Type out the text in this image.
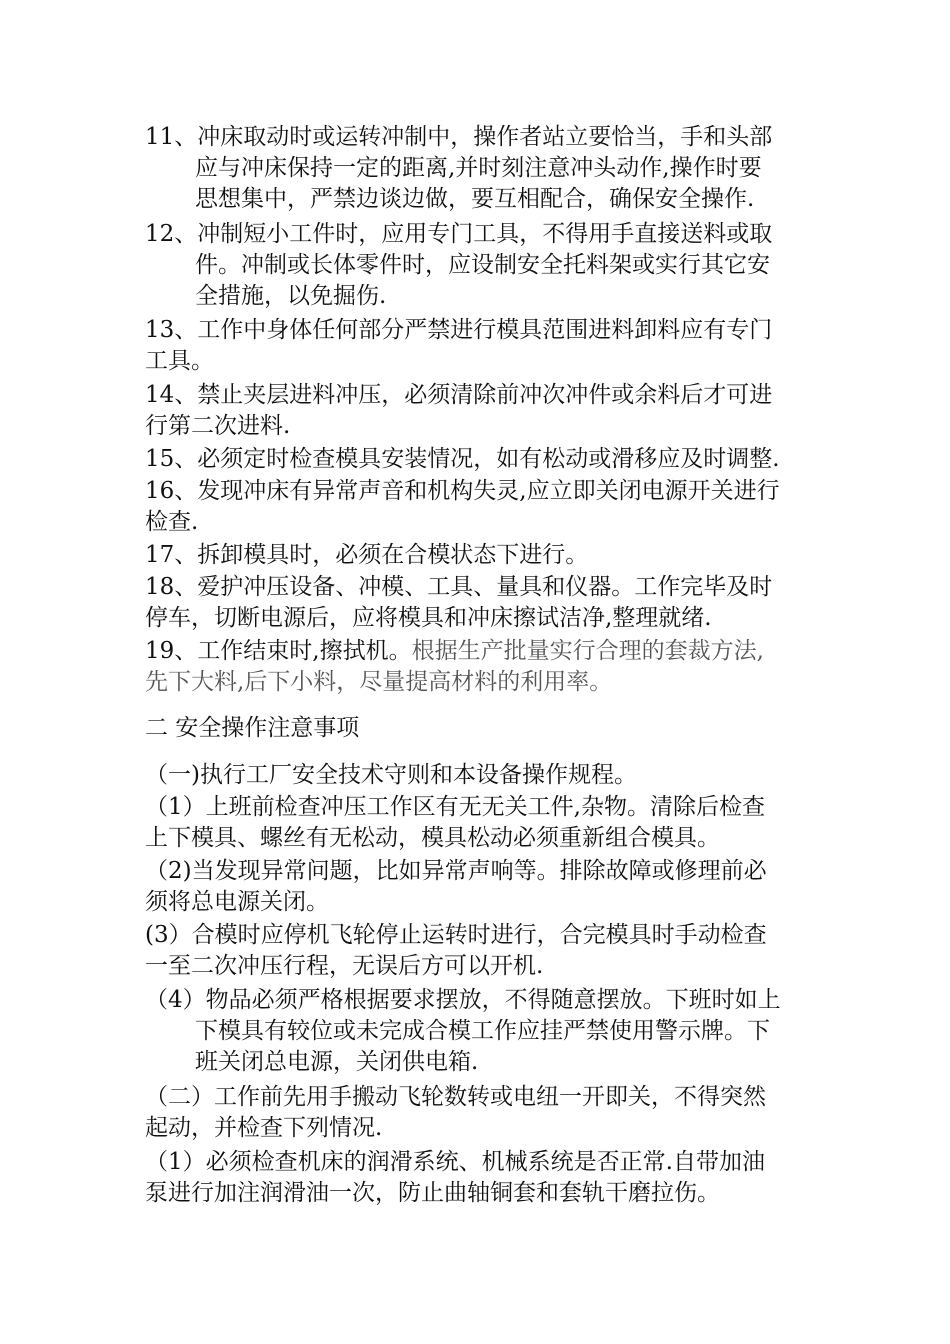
11、冲床取动时或运转冲制中，操作者站立要恰当，手和头部
应与冲床保持一定的距离,并时刻注意冲头动作,操作时要
思想集中，严禁边谈边做，要互相配合，确保安全操作.
12、冲制短小工件时，应用专门工具，不得用手直接送料或取
件。冲制或长体零件时，应设制安全托料架或实行其它安
全措施，以免掘伤.
13、工作中身体任何部分严禁进行模具范围进料卸料应有专门
工具。
14、禁止夹层进料冲压，必须清除前冲次冲件或余料后才可进
行第二次进料.
15、必须定时检查模具安装情况，如有松动或滑移应及时调整.
16、发现冲床有异常声音和机构失灵,应立即关闭电源开关进行
检查.
17、拆卸模具时，必须在合模状态下进行。
18、爱护冲压设备、冲模、工具、量具和仪器。工作完毕及时
停车，切断电源后，应将模具和冲床擦试洁净,整理就绪.
19、工作结束时,擦拭机。根据生产批量实行合理的套裁方法,
先下大料,后下小料，尽量提高材料的利用率。
二 安全操作注意事项
（一)执行工厂安全技术守则和本设备操作规程。
（1）上班前检查冲压工作区有无无关工件,杂物。清除后检查
上下模具、螺丝有无松动，模具松动必须重新组合模具。
（2)当发现异常问题，比如异常声响等。排除故障或修理前必
须将总电源关闭。
(3）合模时应停机飞轮停止运转时进行，合完模具时手动检查
一至二次冲压行程，无误后方可以开机.
（4）物品必须严格根据要求摆放，不得随意摆放。下班时如上
下模具有较位或未完成合模工作应挂严禁使用警示牌。下
班关闭总电源，关闭供电箱.
（二）工作前先用手搬动飞轮数转或电纽一开即关，不得突然
起动，并检查下列情况.
（1）必须检查机床的润滑系统、机械系统是否正常.自带加油
泵进行加注润滑油一次，防止曲轴铜套和套轨干磨拉伤。
